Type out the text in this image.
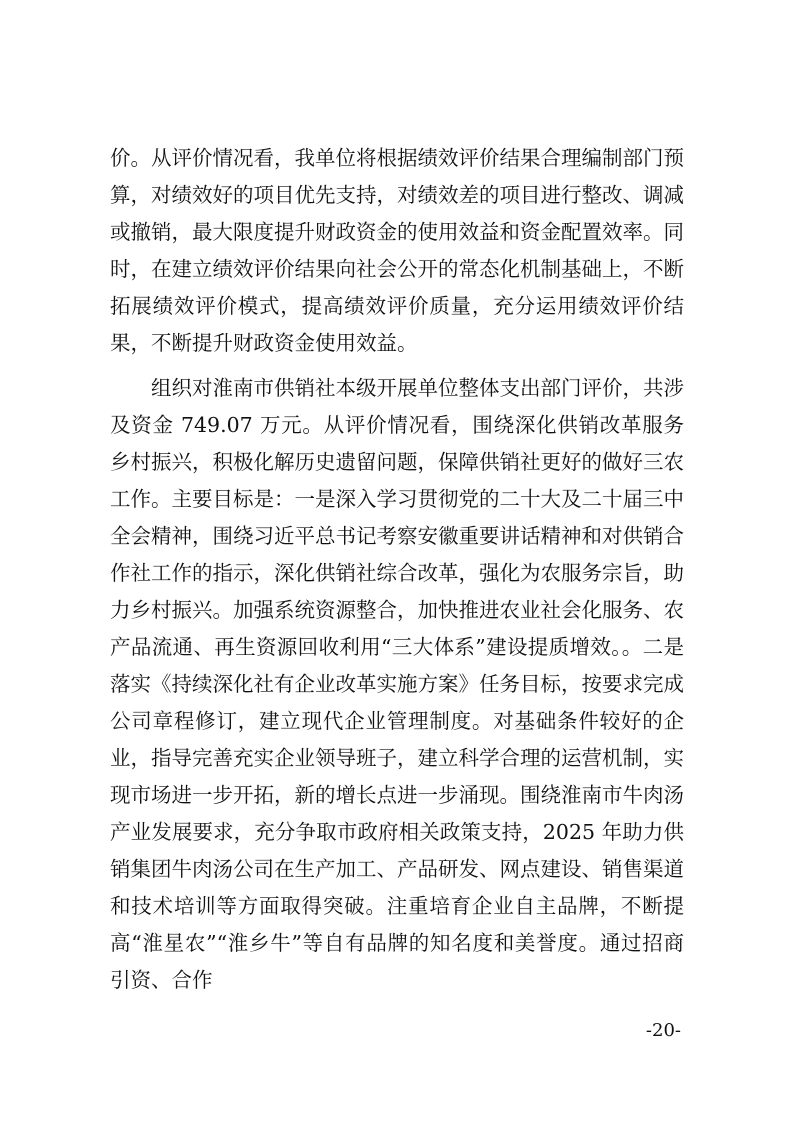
价。从评价情况看，我单位将根据绩效评价结果合理编制部门预算，对绩效好的项目优先支持，对绩效差的项目进行整改、调减或撤销，最大限度提升财政资金的使用效益和资金配置效率。同时，在建立绩效评价结果向社会公开的常态化机制基础上，不断拓展绩效评价模式，提高绩效评价质量，充分运用绩效评价结果，不断提升财政资金使用效益。

组织对淮南市供销社本级开展单位整体支出部门评价，共涉及资金 749.07 万元。从评价情况看，围绕深化供销改革服务乡村振兴，积极化解历史遗留问题，保障供销社更好的做好三农工作。主要目标是：一是深入学习贯彻党的二十大及二十届三中全会精神，围绕习近平总书记考察安徽重要讲话精神和对供销合作社工作的指示，深化供销社综合改革，强化为农服务宗旨，助力乡村振兴。加强系统资源整合，加快推进农业社会化服务、农产品流通、再生资源回收利用“三大体系”建设提质增效。。二是落实《持续深化社有企业改革实施方案》任务目标，按要求完成公司章程修订，建立现代企业管理制度。对基础条件较好的企业，指导完善充实企业领导班子，建立科学合理的运营机制，实现市场进一步开拓，新的增长点进一步涌现。围绕淮南市牛肉汤产业发展要求，充分争取市政府相关政策支持，2025 年助力供销集团牛肉汤公司在生产加工、产品研发、网点建设、销售渠道和技术培训等方面取得突破。注重培育企业自主品牌，不断提高“淮星农”“淮乡牛”等自有品牌的知名度和美誉度。通过招商引资、合作

-20-
